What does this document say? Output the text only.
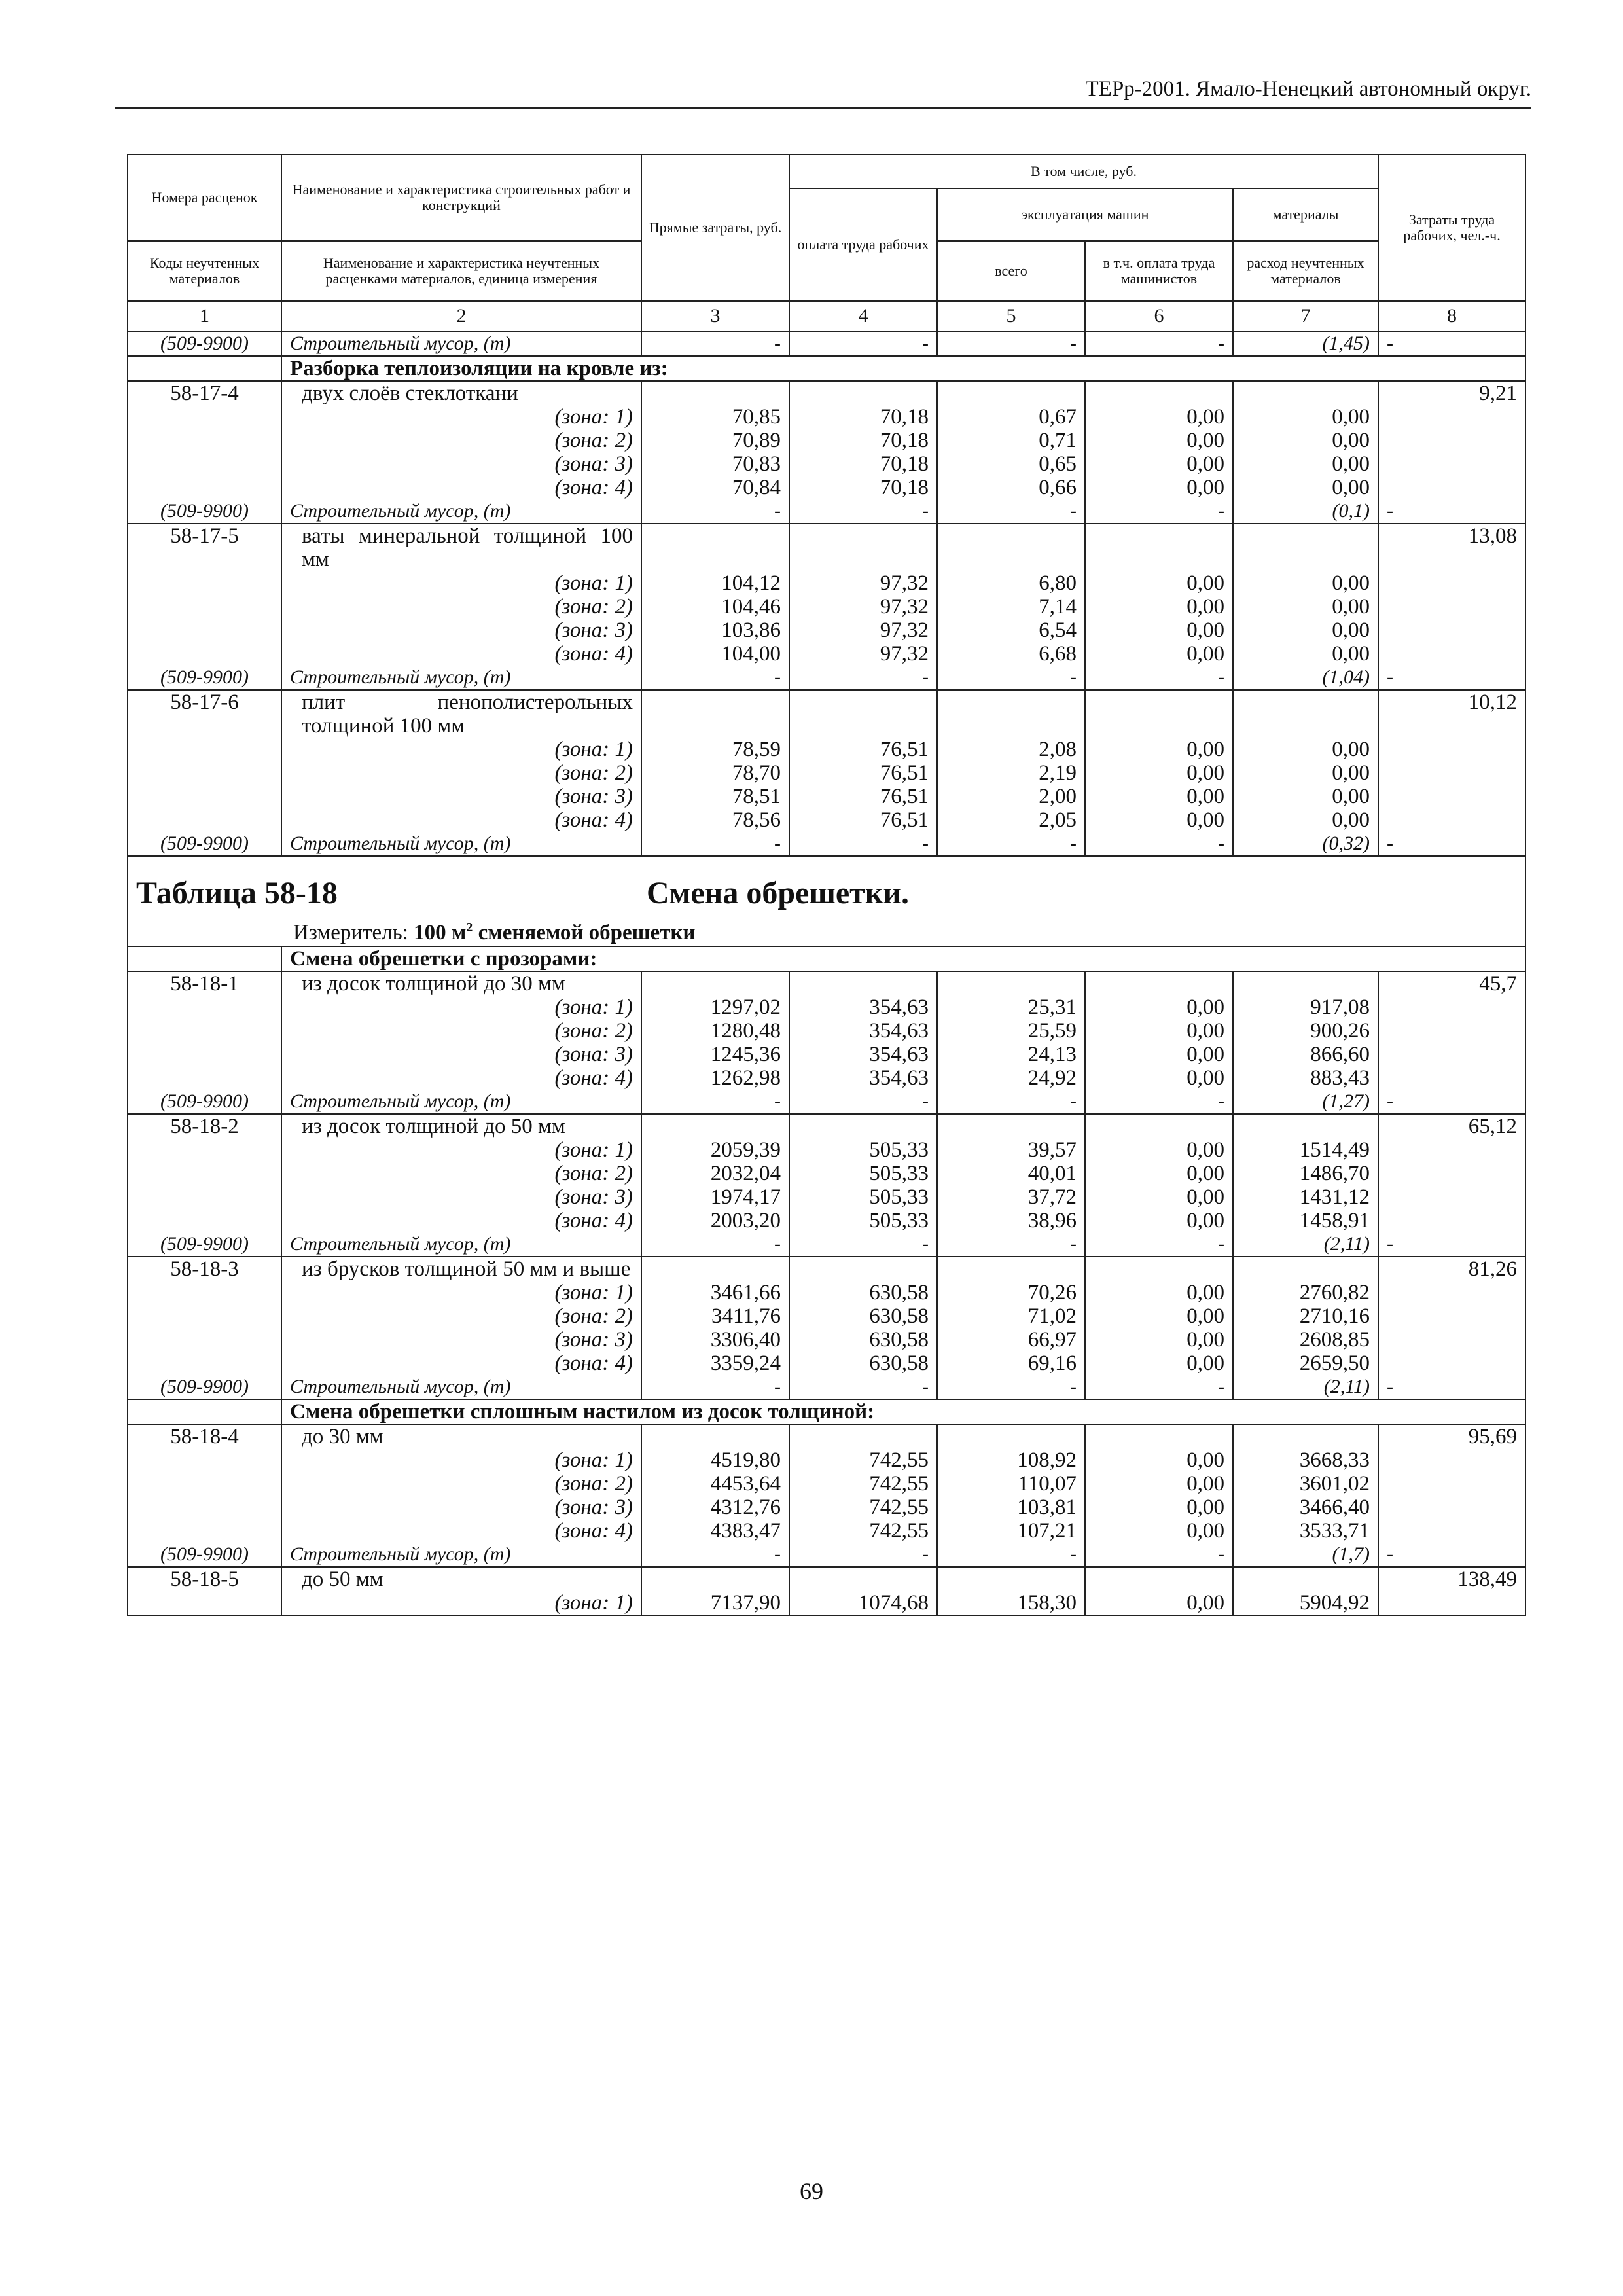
ТЕРр-2001. Ямало-Ненецкий автономный округ.
Номера расценок	Наименование и характеристика строительных работ и конструкций	Прямые затраты, руб.	В том числе, руб.				Затраты труда рабочих, чел.-ч.
			оплата труда рабочих	эксплуатация машин		материалы	
Коды неучтенных материалов	Наименование и характеристика неучтенных расценками материалов, единица измерения			всего	в т.ч. оплата труда машинистов	расход неучтенных материалов	
1	2	3	4	5	6	7	8
(509-9900)	Строительный мусор, (т)	-	-	-	-	(1,45)	-
	Разборка теплоизоляции на кровле из:						
58-17-4	двух слоёв стеклоткани						9,21
	(зона: 1)	70,85	70,18	0,67	0,00	0,00	
	(зона: 2)	70,89	70,18	0,71	0,00	0,00	
	(зона: 3)	70,83	70,18	0,65	0,00	0,00	
	(зона: 4)	70,84	70,18	0,66	0,00	0,00	
(509-9900)	Строительный мусор, (т)	-	-	-	-	(0,1)	-
58-17-5	ваты минеральной толщиной 100 мм						13,08
	(зона: 1)	104,12	97,32	6,80	0,00	0,00	
	(зона: 2)	104,46	97,32	7,14	0,00	0,00	
	(зона: 3)	103,86	97,32	6,54	0,00	0,00	
	(зона: 4)	104,00	97,32	6,68	0,00	0,00	
(509-9900)	Строительный мусор, (т)	-	-	-	-	(1,04)	-
58-17-6	плит пенополистерольных толщиной 100 мм						10,12
	(зона: 1)	78,59	76,51	2,08	0,00	0,00	
	(зона: 2)	78,70	76,51	2,19	0,00	0,00	
	(зона: 3)	78,51	76,51	2,00	0,00	0,00	
	(зона: 4)	78,56	76,51	2,05	0,00	0,00	
(509-9900)	Строительный мусор, (т)	-	-	-	-	(0,32)	-
Таблица 58-18 Смена обрешетки.							
Измеритель: 100 $м^2$ сменяемой обрешетки							
	Смена обрешетки с прозорами:						
58-18-1	из досок толщиной до 30 мм						45,7
	(зона: 1)	1297,02	354,63	25,31	0,00	917,08	
	(зона: 2)	1280,48	354,63	25,59	0,00	900,26	
	(зона: 3)	1245,36	354,63	24,13	0,00	866,60	
	(зона: 4)	1262,98	354,63	24,92	0,00	883,43	
(509-9900)	Строительный мусор, (т)	-	-	-	-	(1,27)	-
58-18-2	из досок толщиной до 50 мм						65,12
	(зона: 1)	2059,39	505,33	39,57	0,00	1514,49	
	(зона: 2)	2032,04	505,33	40,01	0,00	1486,70	
	(зона: 3)	1974,17	505,33	37,72	0,00	1431,12	
	(зона: 4)	2003,20	505,33	38,96	0,00	1458,91	
(509-9900)	Строительный мусор, (т)	-	-	-	-	(2,11)	-
58-18-3	из брусков толщиной 50 мм и выше						81,26
	(зона: 1)	3461,66	630,58	70,26	0,00	2760,82	
	(зона: 2)	3411,76	630,58	71,02	0,00	2710,16	
	(зона: 3)	3306,40	630,58	66,97	0,00	2608,85	
	(зона: 4)	3359,24	630,58	69,16	0,00	2659,50	
(509-9900)	Строительный мусор, (т)	-	-	-	-	(2,11)	-
	Смена обрешетки сплошным настилом из досок толщиной:						
58-18-4	до 30 мм						95,69
	(зона: 1)	4519,80	742,55	108,92	0,00	3668,33	
	(зона: 2)	4453,64	742,55	110,07	0,00	3601,02	
	(зона: 3)	4312,76	742,55	103,81	0,00	3466,40	
	(зона: 4)	4383,47	742,55	107,21	0,00	3533,71	
(509-9900)	Строительный мусор, (т)	-	-	-	-	(1,7)	-
58-18-5	до 50 мм						138,49
	(зона: 1)	7137,90	1074,68	158,30	0,00	5904,92	
69
